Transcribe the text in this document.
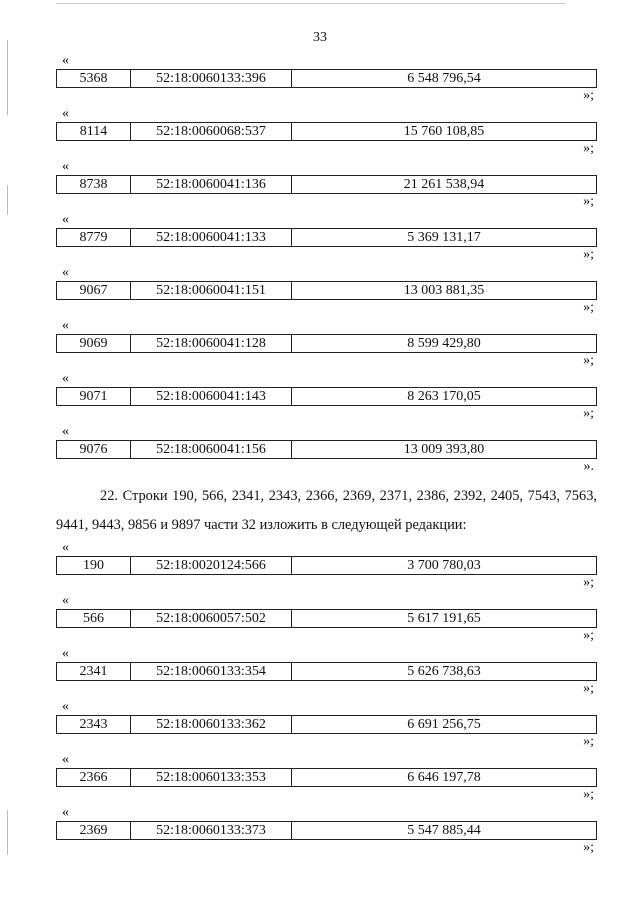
33
«
5368	52:18:0060133:396	6 548 796,54
»;
«
8114	52:18:0060068:537	15 760 108,85
»;
«
8738	52:18:0060041:136	21 261 538,94
»;
«
8779	52:18:0060041:133	5 369 131,17
»;
«
9067	52:18:0060041:151	13 003 881,35
»;
«
9069	52:18:0060041:128	8 599 429,80
»;
«
9071	52:18:0060041:143	8 263 170,05
»;
«
9076	52:18:0060041:156	13 009 393,80
».

22. Строки 190, 566, 2341, 2343, 2366, 2369, 2371, 2386, 2392, 2405, 7543, 7563, 9441, 9443, 9856 и 9897 части 32 изложить в следующей редакции:

«
190	52:18:0020124:566	3 700 780,03
»;
«
566	52:18:0060057:502	5 617 191,65
»;
«
2341	52:18:0060133:354	5 626 738,63
»;
«
2343	52:18:0060133:362	6 691 256,75
»;
«
2366	52:18:0060133:353	6 646 197,78
»;
«
2369	52:18:0060133:373	5 547 885,44
»;
